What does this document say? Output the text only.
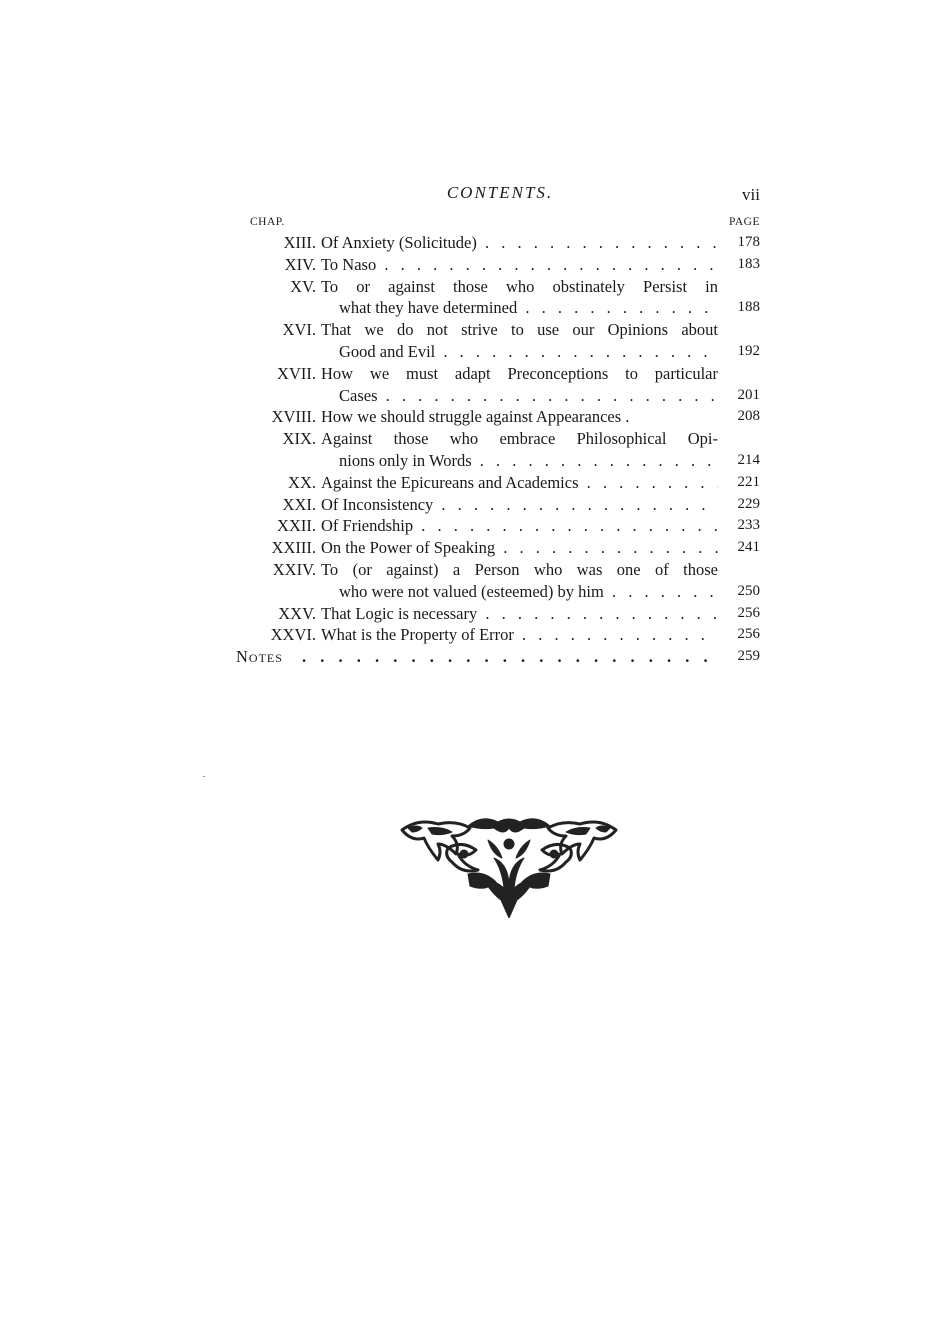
CONTENTS.	vii
CHAP.	PAGE
XIII. Of Anxiety (Solicitude) . . .	178
XIV. To Naso . . .	183
XV. To or against those who obstinately Persist in
what they have determined . . .	188
XVI. That we do not strive to use our Opinions about
Good and Evil . . .	192
XVII. How we must adapt Preconceptions to particular
Cases . . .	201
XVIII. How we should struggle against Appearances .	208
XIX. Against those who embrace Philosophical Opi-
nions only in Words . . .	214
XX. Against the Epicureans and Academics . . .	221
XXI. Of Inconsistency . . .	229
XXII. Of Friendship . . .	233
XXIII. On the Power of Speaking . . .	241
XXIV. To (or against) a Person who was one of those
who were not valued (esteemed) by him . . .	250
XXV. That Logic is necessary . . .	256
XXVI. What is the Property of Error . . .	256
Notes . . .	259
